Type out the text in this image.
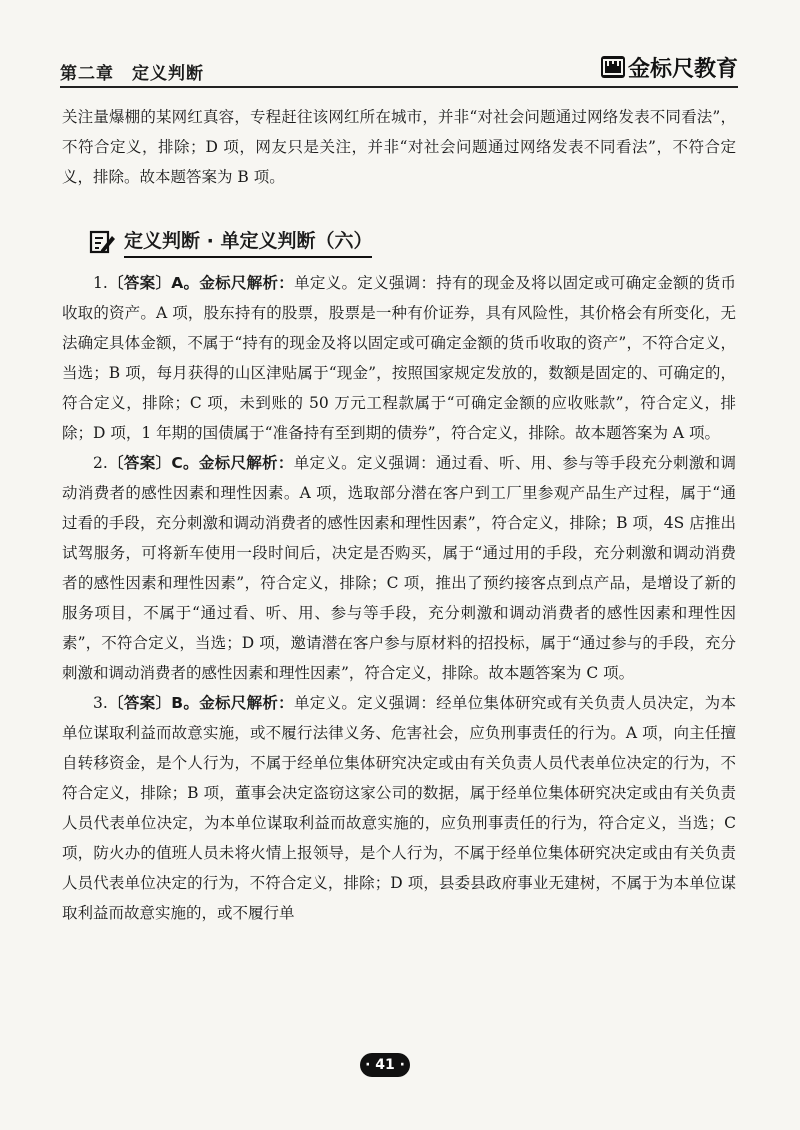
第二章　定义判断	金标尺教育
关注量爆棚的某网红真容，专程赶往该网红所在城市，并非“对社会问题通过网络发表不同看法”，不符合定义，排除；D 项，网友只是关注，并非“对社会问题通过网络发表不同看法”，不符合定义，排除。故本题答案为 B 项。
定义判断 · 单定义判断（六）

1.〔答案〕A。金标尺解析：单定义。定义强调：持有的现金及将以固定或可确定金额的货币收取的资产。A 项，股东持有的股票，股票是一种有价证券，具有风险性，其价格会有所变化，无法确定具体金额，不属于“持有的现金及将以固定或可确定金额的货币收取的资产”，不符合定义，当选；B 项，每月获得的山区津贴属于“现金”，按照国家规定发放的，数额是固定的、可确定的，符合定义，排除；C 项，未到账的 50 万元工程款属于“可确定金额的应收账款”，符合定义，排除；D 项，1 年期的国债属于“准备持有至到期的债券”，符合定义，排除。故本题答案为 A 项。

2.〔答案〕C。金标尺解析：单定义。定义强调：通过看、听、用、参与等手段充分刺激和调动消费者的感性因素和理性因素。A 项，选取部分潜在客户到工厂里参观产品生产过程，属于“通过看的手段，充分刺激和调动消费者的感性因素和理性因素”，符合定义，排除；B 项，4S 店推出试驾服务，可将新车使用一段时间后，决定是否购买，属于“通过用的手段，充分刺激和调动消费者的感性因素和理性因素”，符合定义，排除；C 项，推出了预约接客点到点产品，是增设了新的服务项目，不属于“通过看、听、用、参与等手段，充分刺激和调动消费者的感性因素和理性因素”，不符合定义，当选；D 项，邀请潜在客户参与原材料的招投标，属于“通过参与的手段，充分刺激和调动消费者的感性因素和理性因素”，符合定义，排除。故本题答案为 C 项。

3.〔答案〕B。金标尺解析：单定义。定义强调：经单位集体研究或有关负责人员决定，为本单位谋取利益而故意实施，或不履行法律义务、危害社会，应负刑事责任的行为。A 项，向主任擅自转移资金，是个人行为，不属于经单位集体研究决定或由有关负责人员代表单位决定的行为，不符合定义，排除；B 项，董事会决定盗窃这家公司的数据，属于经单位集体研究决定或由有关负责人员代表单位决定，为本单位谋取利益而故意实施的，应负刑事责任的行为，符合定义，当选；C 项，防火办的值班人员未将火情上报领导，是个人行为，不属于经单位集体研究决定或由有关负责人员代表单位决定的行为，不符合定义，排除；D 项，县委县政府事业无建树，不属于为本单位谋取利益而故意实施的，或不履行单

· 41 ·
